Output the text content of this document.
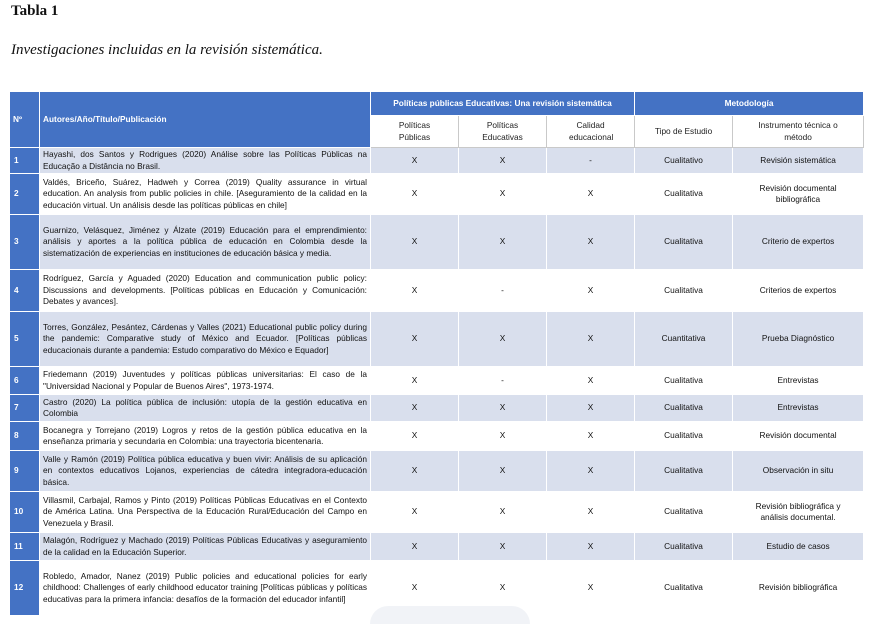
Tabla 1
Investigaciones incluidas en la revisión sistemática.
Nº	Autores/Año/Título/Publicación	Políticas públicas Educativas: Una revisión sistemática			Metodología	
		Políticas Públicas	Políticas Educativas	Calidad educacional	Tipo de Estudio	Instrumento técnica o método
1	Hayashi, dos Santos y Rodrigues (2020) Análise sobre las Políticas Públicas na Educação a Distância no Brasil.	X	X	-	Cualitativo	Revisión sistemática
2	Valdés, Briceño, Suárez, Hadweh y Correa (2019) Quality assurance in virtual education. An analysis from public policies in chile. [Aseguramiento de la calidad en la educación virtual. Un análisis desde las políticas públicas en chile]	X	X	X	Cualitativa	Revisión documental bibliográfica
3	Guarnizo, Velásquez, Jiménez y Álzate (2019) Educación para el emprendimiento: análisis y aportes a la política pública de educación en Colombia desde la sistematización de experiencias en instituciones de educación básica y media.	X	X	X	Cualitativa	Criterio de expertos
4	Rodríguez, García y Aguaded (2020) Education and communication public policy: Discussions and developments. [Políticas públicas en Educación y Comunicación: Debates y avances].	X	-	X	Cualitativa	Criterios de expertos
5	Torres, González, Pesántez, Cárdenas y Valles (2021) Educational public policy during the pandemic: Comparative study of México and Ecuador. [Políticas públicas educacionais durante a pandemia: Estudo comparativo do México e Equador]	X	X	X	Cuantitativa	Prueba Diagnóstico
6	Friedemann (2019) Juventudes y políticas públicas universitarias: El caso de la "Universidad Nacional y Popular de Buenos Aires", 1973-1974.	X	-	X	Cualitativa	Entrevistas
7	Castro (2020) La política pública de inclusión: utopía de la gestión educativa en Colombia	X	X	X	Cualitativa	Entrevistas
8	Bocanegra y Torrejano (2019) Logros y retos de la gestión pública educativa en la enseñanza primaria y secundaria en Colombia: una trayectoria bicentenaria.	X	X	X	Cualitativa	Revisión documental
9	Valle y Ramón (2019) Política pública educativa y buen vivir: Análisis de su aplicación en contextos educativos Lojanos, experiencias de cátedra integradora-educación básica.	X	X	X	Cualitativa	Observación in situ
10	Villasmil, Carbajal, Ramos y Pinto (2019) Políticas Públicas Educativas en el Contexto de América Latina. Una Perspectiva de la Educación Rural/Educación del Campo en Venezuela y Brasil.	X	X	X	Cualitativa	Revisión bibliográfica y análisis documental.
11	Malagón, Rodríguez y Machado (2019) Políticas Públicas Educativas y aseguramiento de la calidad en la Educación Superior.	X	X	X	Cualitativa	Estudio de casos
12	Robledo, Amador, Nanez (2019) Public policies and educational policies for early childhood: Challenges of early childhood educator training [Políticas públicas y políticas educativas para la primera infancia: desafíos de la formación del educador infantil]	X	X	X	Cualitativa	Revisión bibliográfica
